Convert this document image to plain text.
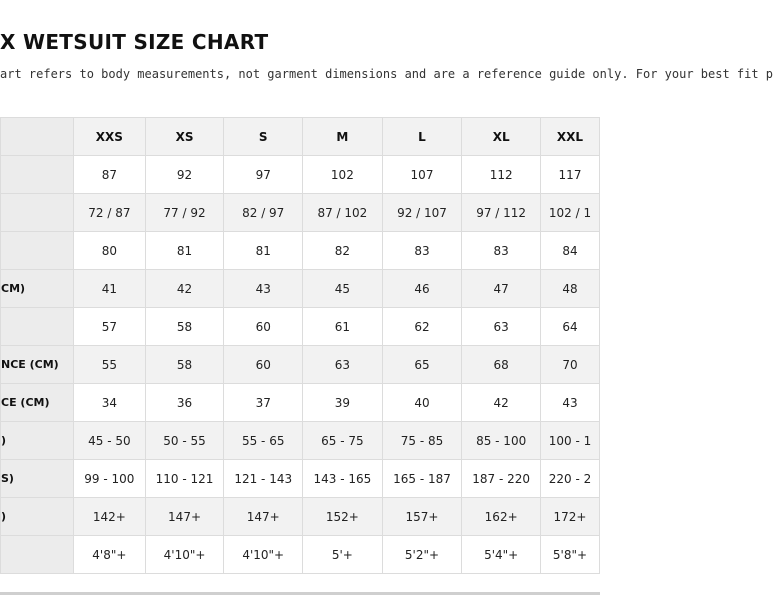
X WETSUIT SIZE CHART
art refers to body measurements, not garment dimensions and are a reference guide only. For your best fit p
	XXS	XS	S	M	L	XL	XXL

	87	92	97	102	107	112	117

	72 / 87	77 / 92	82 / 97	87 / 102	92 / 107	97 / 112	102 / 1

	80	81	81	82	83	83	84

CM)	41	42	43	45	46	47	48

	57	58	60	61	62	63	64

NCE (CM)	55	58	60	63	65	68	70

CE (CM)	34	36	37	39	40	42	43

)	45 - 50	50 - 55	55 - 65	65 - 75	75 - 85	85 - 100	100 - 1

S)	99 - 100	110 - 121	121 - 143	143 - 165	165 - 187	187 - 220	220 - 2

)	142+	147+	147+	152+	157+	162+	172+

	4'8"+	4'10"+	4'10"+	5'+	5'2"+	5'4"+	5'8"+
